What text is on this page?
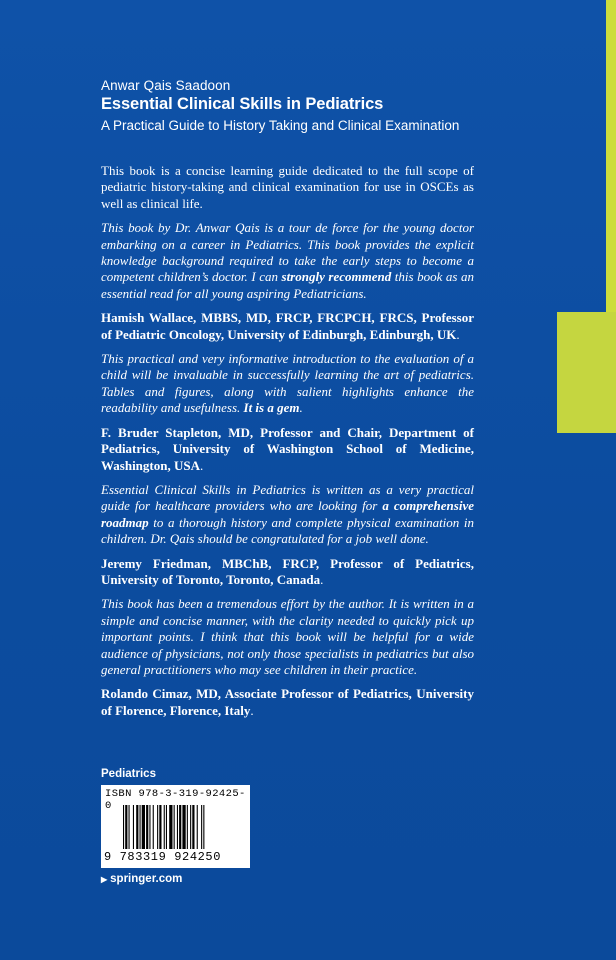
Anwar Qais Saadoon
Essential Clinical Skills in Pediatrics
A Practical Guide to History Taking and Clinical Examination

This book is a concise learning guide dedicated to the full scope of pediatric history-taking and clinical examination for use in OSCEs as well as clinical life.

This book by Dr. Anwar Qais is a tour de force for the young doctor embarking on a career in Pediatrics. This book provides the explicit knowledge background required to take the early steps to become a competent children’s doctor. I can strongly recommend this book as an essential read for all young aspiring Pediatricians.

Hamish Wallace, MBBS, MD, FRCP, FRCPCH, FRCS, Professor of Pediatric Oncology, University of Edinburgh, Edinburgh, UK.

This practical and very informative introduction to the evaluation of a child will be invaluable in successfully learning the art of pediatrics. Tables and figures, along with salient highlights enhance the readability and usefulness. It is a gem.

F. Bruder Stapleton, MD, Professor and Chair, Department of Pediatrics, University of Washington School of Medicine, Washington, USA.

Essential Clinical Skills in Pediatrics is written as a very practical guide for healthcare providers who are looking for a comprehensive roadmap to a thorough history and complete physical examination in children. Dr. Qais should be congratulated for a job well done.

Jeremy Friedman, MBChB, FRCP, Professor of Pediatrics, University of Toronto, Toronto, Canada.

This book has been a tremendous effort by the author. It is written in a simple and concise manner, with the clarity needed to quickly pick up important points. I think that this book will be helpful for a wide audience of physicians, not only those specialists in pediatrics but also general practitioners who may see children in their practice.

Rolando Cimaz, MD, Associate Professor of Pediatrics, University of Florence, Florence, Italy.

Pediatrics
ISBN 978-3-319-92425-0
9 783319 924250
▶ springer.com
